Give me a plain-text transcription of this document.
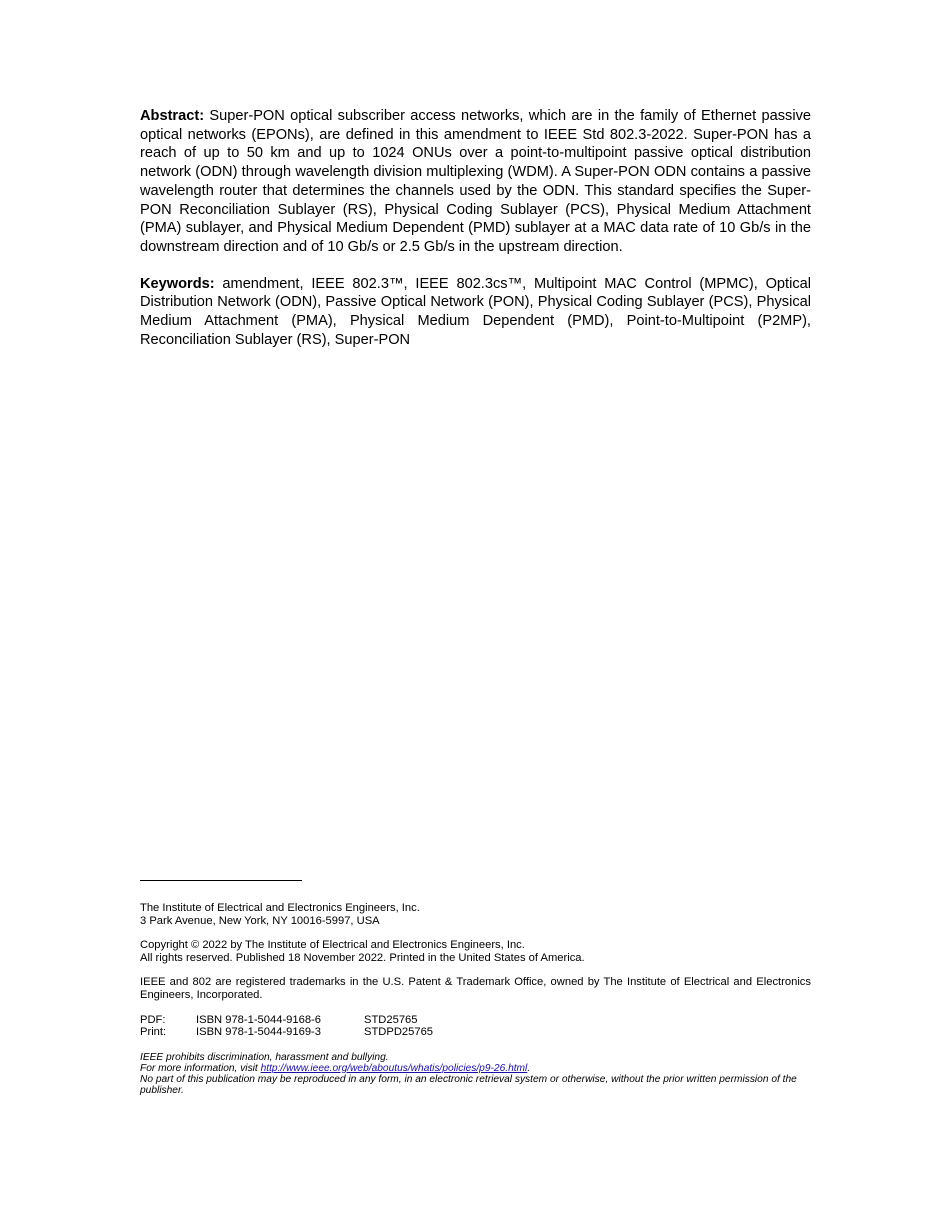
Abstract: Super-PON optical subscriber access networks, which are in the family of Ethernet passive optical networks (EPONs), are defined in this amendment to IEEE Std 802.3-2022. Super-PON has a reach of up to 50 km and up to 1024 ONUs over a point-to-multipoint passive optical distribution network (ODN) through wavelength division multiplexing (WDM). A Super-PON ODN contains a passive wavelength router that determines the channels used by the ODN. This standard specifies the Super-PON Reconciliation Sublayer (RS), Physical Coding Sublayer (PCS), Physical Medium Attachment (PMA) sublayer, and Physical Medium Dependent (PMD) sublayer at a MAC data rate of 10 Gb/s in the downstream direction and of 10 Gb/s or 2.5 Gb/s in the upstream direction.

Keywords: amendment, IEEE 802.3™, IEEE 802.3cs™, Multipoint MAC Control (MPMC), Optical Distribution Network (ODN), Passive Optical Network (PON), Physical Coding Sublayer (PCS), Physical Medium Attachment (PMA), Physical Medium Dependent (PMD), Point-to-Multipoint (P2MP), Reconciliation Sublayer (RS), Super-PON

The Institute of Electrical and Electronics Engineers, Inc.
3 Park Avenue, New York, NY 10016-5997, USA
Copyright © 2022 by The Institute of Electrical and Electronics Engineers, Inc.
All rights reserved. Published 18 November 2022. Printed in the United States of America.
IEEE and 802 are registered trademarks in the U.S. Patent & Trademark Office, owned by The Institute of Electrical and Electronics Engineers, Incorporated.
PDF:	ISBN 978-1-5044-9168-6	STD25765
Print:	ISBN 978-1-5044-9169-3	STDPD25765
IEEE prohibits discrimination, harassment and bullying.
For more information, visit http://www.ieee.org/web/aboutus/whatis/policies/p9-26.html.
No part of this publication may be reproduced in any form, in an electronic retrieval system or otherwise, without the prior written permission of the publisher.
